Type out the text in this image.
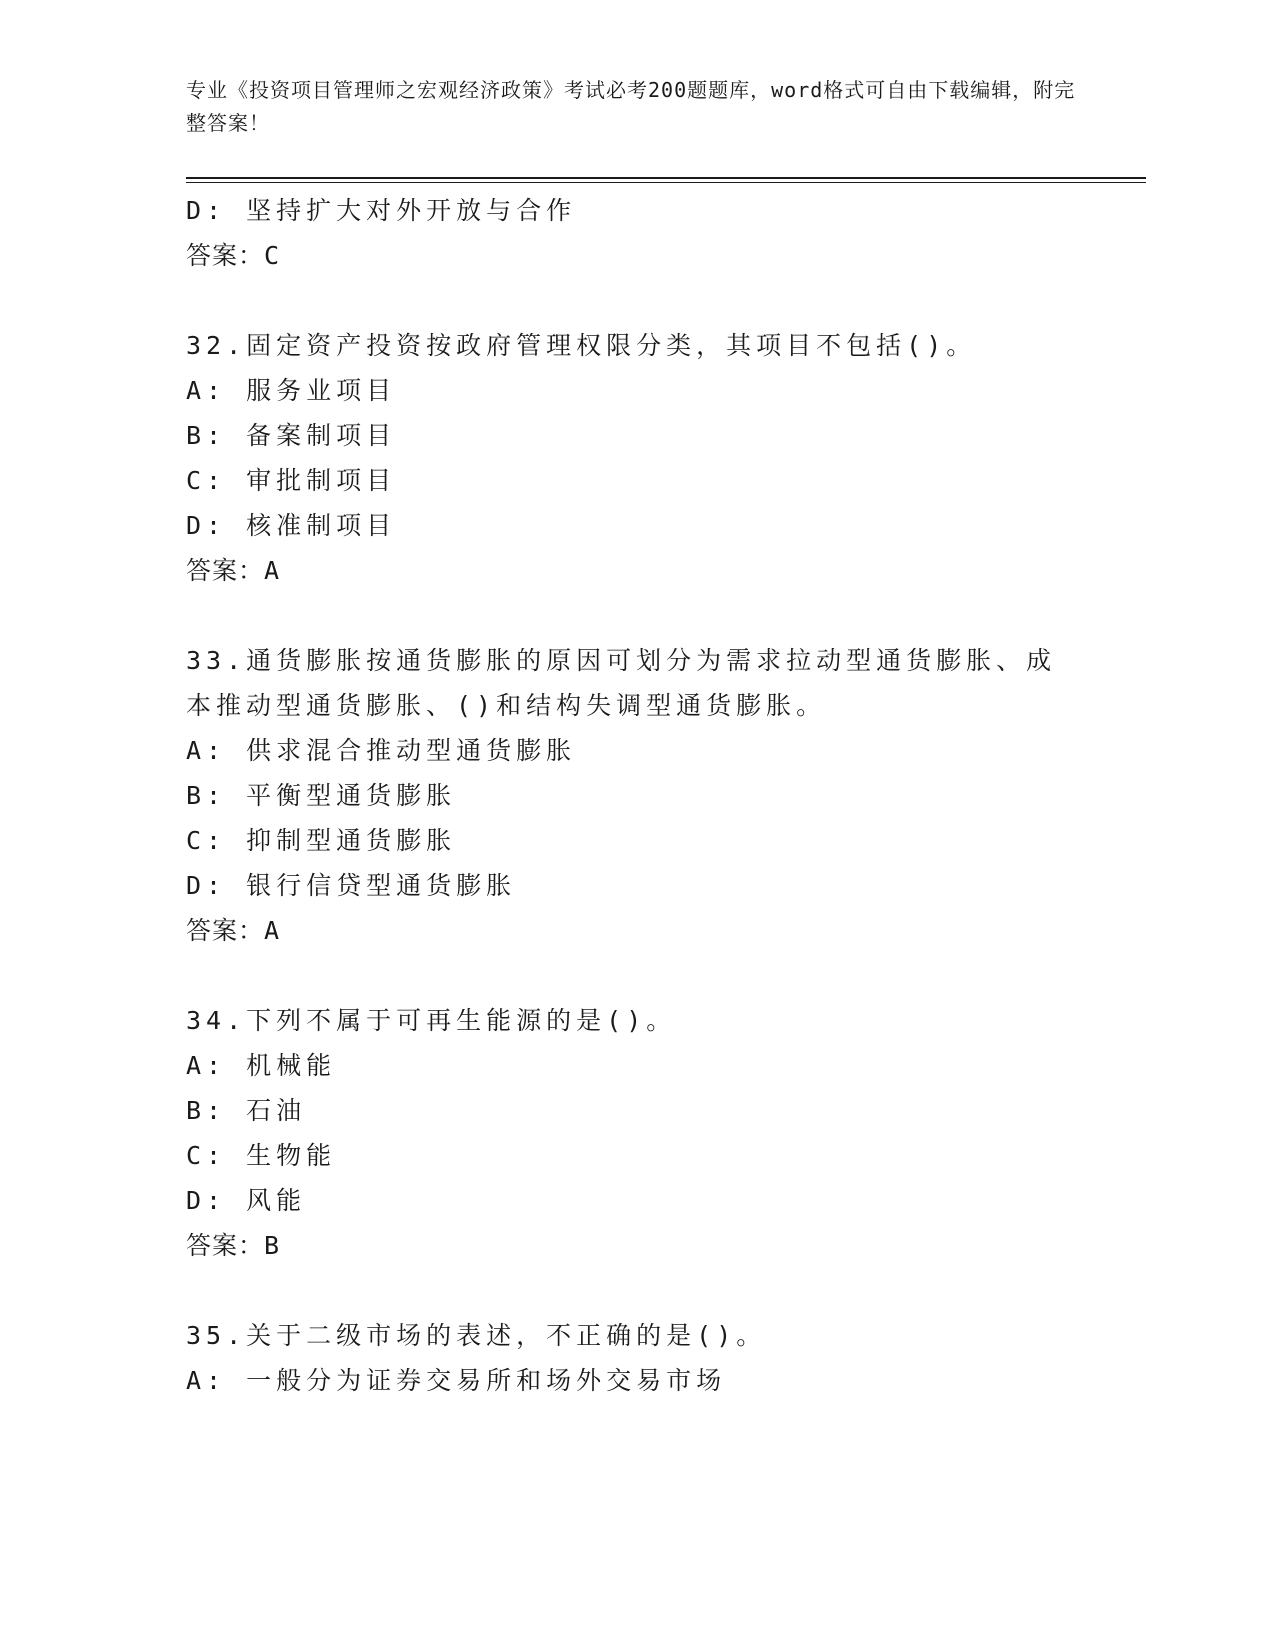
专业《投资项目管理师之宏观经济政策》考试必考200题题库，word格式可自由下载编辑，附完整答案！

D: 坚持扩大对外开放与合作

答案：C

32.固定资产投资按政府管理权限分类，其项目不包括()。

A: 服务业项目

B: 备案制项目

C: 审批制项目

D: 核准制项目

答案：A

33.通货膨胀按通货膨胀的原因可划分为需求拉动型通货膨胀、成本推动型通货膨胀、()和结构失调型通货膨胀。

A: 供求混合推动型通货膨胀

B: 平衡型通货膨胀

C: 抑制型通货膨胀

D: 银行信贷型通货膨胀

答案：A

34.下列不属于可再生能源的是()。

A: 机械能

B: 石油

C: 生物能

D: 风能

答案：B

35.关于二级市场的表述，不正确的是()。

A: 一般分为证券交易所和场外交易市场
